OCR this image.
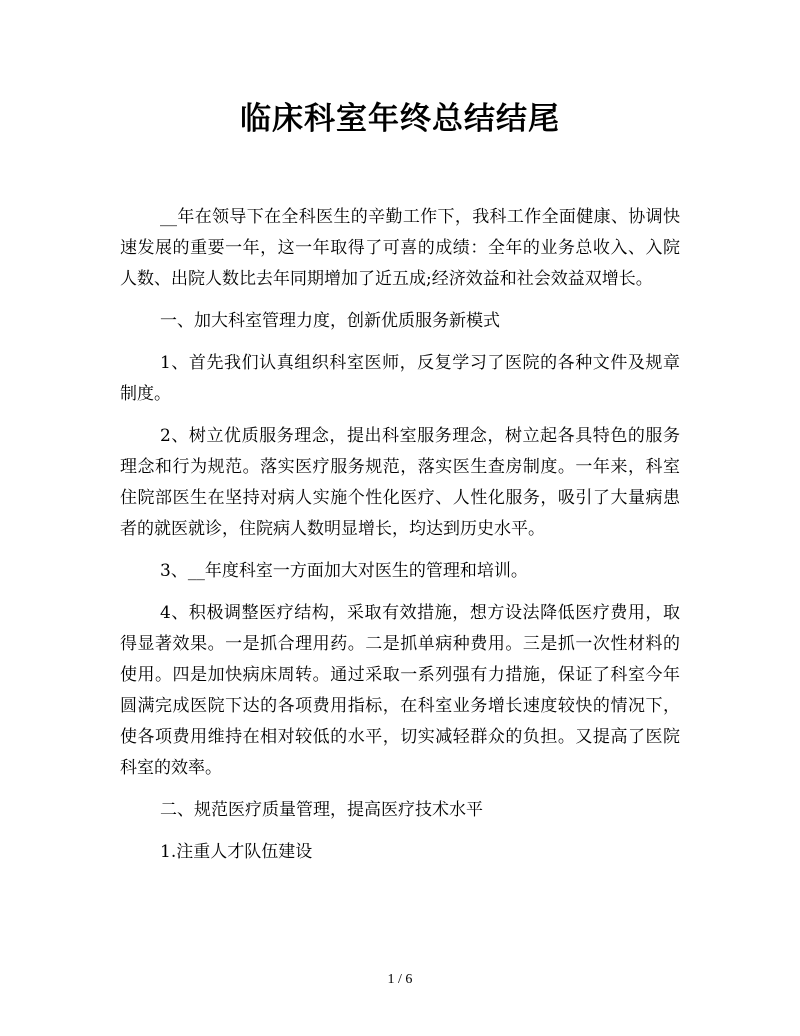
临床科室年终总结结尾

__年在领导下在全科医生的辛勤工作下，我科工作全面健康、协调快速发展的重要一年，这一年取得了可喜的成绩：全年的业务总收入、入院人数、出院人数比去年同期增加了近五成;经济效益和社会效益双增长。

一、加大科室管理力度，创新优质服务新模式

1、首先我们认真组织科室医师，反复学习了医院的各种文件及规章制度。

2、树立优质服务理念，提出科室服务理念，树立起各具特色的服务理念和行为规范。落实医疗服务规范，落实医生查房制度。一年来，科室住院部医生在坚持对病人实施个性化医疗、人性化服务，吸引了大量病患者的就医就诊，住院病人数明显增长，均达到历史水平。

3、__年度科室一方面加大对医生的管理和培训。

4、积极调整医疗结构，采取有效措施，想方设法降低医疗费用，取得显著效果。一是抓合理用药。二是抓单病种费用。三是抓一次性材料的使用。四是加快病床周转。通过采取一系列强有力措施，保证了科室今年圆满完成医院下达的各项费用指标，在科室业务增长速度较快的情况下，使各项费用维持在相对较低的水平，切实减轻群众的负担。又提高了医院科室的效率。

二、规范医疗质量管理，提高医疗技术水平

1.注重人才队伍建设

1 / 6
